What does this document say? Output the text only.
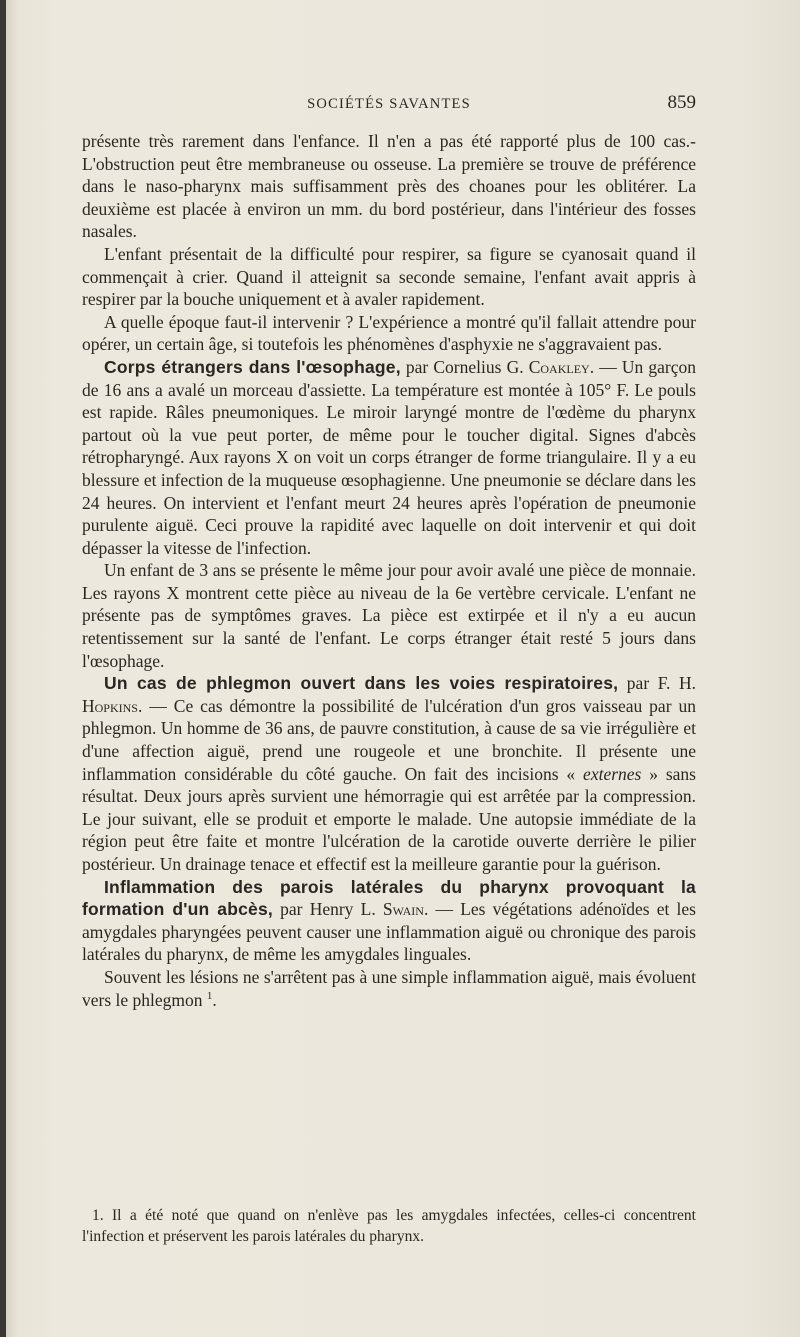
SOCIÉTÉS SAVANTES	859

présente très rarement dans l'enfance. Il n'en a pas été rapporté plus de 100 cas.- L'obstruction peut être membraneuse ou osseuse. La première se trouve de préférence dans le naso-pharynx mais suffisamment près des choanes pour les oblitérer. La deuxième est placée à environ un mm. du bord postérieur, dans l'intérieur des fosses nasales.

L'enfant présentait de la difficulté pour respirer, sa figure se cyanosait quand il commençait à crier. Quand il atteignit sa seconde semaine, l'enfant avait appris à respirer par la bouche uniquement et à avaler rapidement.

A quelle époque faut-il intervenir ? L'expérience a montré qu'il fallait attendre pour opérer, un certain âge, si toutefois les phénomènes d'asphyxie ne s'aggravaient pas.

Corps étrangers dans l'œsophage, par Cornelius G. Coakley. — Un garçon de 16 ans a avalé un morceau d'assiette. La température est montée à 105° F. Le pouls est rapide. Râles pneumoniques. Le miroir laryngé montre de l'œdème du pharynx partout où la vue peut porter, de même pour le toucher digital. Signes d'abcès rétropharyngé. Aux rayons X on voit un corps étranger de forme triangulaire. Il y a eu blessure et infection de la muqueuse œsophagienne. Une pneumonie se déclare dans les 24 heures. On intervient et l'enfant meurt 24 heures après l'opération de pneumonie purulente aiguë. Ceci prouve la rapidité avec laquelle on doit intervenir et qui doit dépasser la vitesse de l'infection.

Un enfant de 3 ans se présente le même jour pour avoir avalé une pièce de monnaie. Les rayons X montrent cette pièce au niveau de la 6e vertèbre cervicale. L'enfant ne présente pas de symptômes graves. La pièce est extirpée et il n'y a eu aucun retentissement sur la santé de l'enfant. Le corps étranger était resté 5 jours dans l'œsophage.

Un cas de phlegmon ouvert dans les voies respiratoires, par F. H. Hopkins. — Ce cas démontre la possibilité de l'ulcération d'un gros vaisseau par un phlegmon. Un homme de 36 ans, de pauvre constitution, à cause de sa vie irrégulière et d'une affection aiguë, prend une rougeole et une bronchite. Il présente une inflammation considérable du côté gauche. On fait des incisions « externes » sans résultat. Deux jours après survient une hémorragie qui est arrêtée par la compression. Le jour suivant, elle se produit et emporte le malade. Une autopsie immédiate de la région peut être faite et montre l'ulcération de la carotide ouverte derrière le pilier postérieur. Un drainage tenace et effectif est la meilleure garantie pour la guérison.

Inflammation des parois latérales du pharynx provoquant la formation d'un abcès, par Henry L. Swain. — Les végétations adénoïdes et les amygdales pharyngées peuvent causer une inflammation aiguë ou chronique des parois latérales du pharynx, de même les amygdales linguales.

Souvent les lésions ne s'arrêtent pas à une simple inflammation aiguë, mais évoluent vers le phlegmon $^1$.

1. Il a été noté que quand on n'enlève pas les amygdales infectées, celles-ci concentrent l'infection et préservent les parois latérales du pharynx.
